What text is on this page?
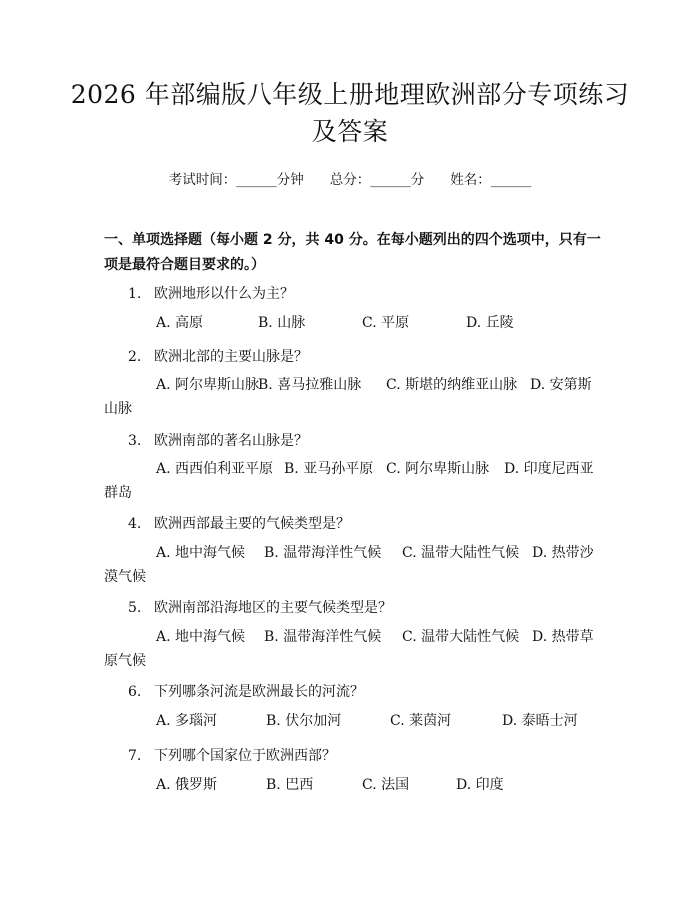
2026 年部编版八年级上册地理欧洲部分专项练习及答案
考试时间：______分钟 总分：______分 姓名：______
一、单项选择题（每小题 2 分，共 40 分。在每小题列出的四个选项中，只有一项是最符合题目要求的。）
1. 欧洲地形以什么为主？
A. 高原	B. 山脉	C. 平原	D. 丘陵
2. 欧洲北部的主要山脉是？
A. 阿尔卑斯山脉B. 喜马拉雅山脉 C. 斯堪的纳维亚山脉 D. 安第斯
山脉
3. 欧洲南部的著名山脉是？
A. 西西伯利亚平原 B. 亚马孙平原 C. 阿尔卑斯山脉 D. 印度尼西亚
群岛
4. 欧洲西部最主要的气候类型是？
A. 地中海气候 B. 温带海洋性气候 C. 温带大陆性气候 D. 热带沙
漠气候
5. 欧洲南部沿海地区的主要气候类型是？
A. 地中海气候 B. 温带海洋性气候 C. 温带大陆性气候 D. 热带草
原气候
6. 下列哪条河流是欧洲最长的河流？
A. 多瑙河	B. 伏尔加河	C. 莱茵河	D. 泰晤士河
7. 下列哪个国家位于欧洲西部？
A. 俄罗斯	B. 巴西	C. 法国	D. 印度
